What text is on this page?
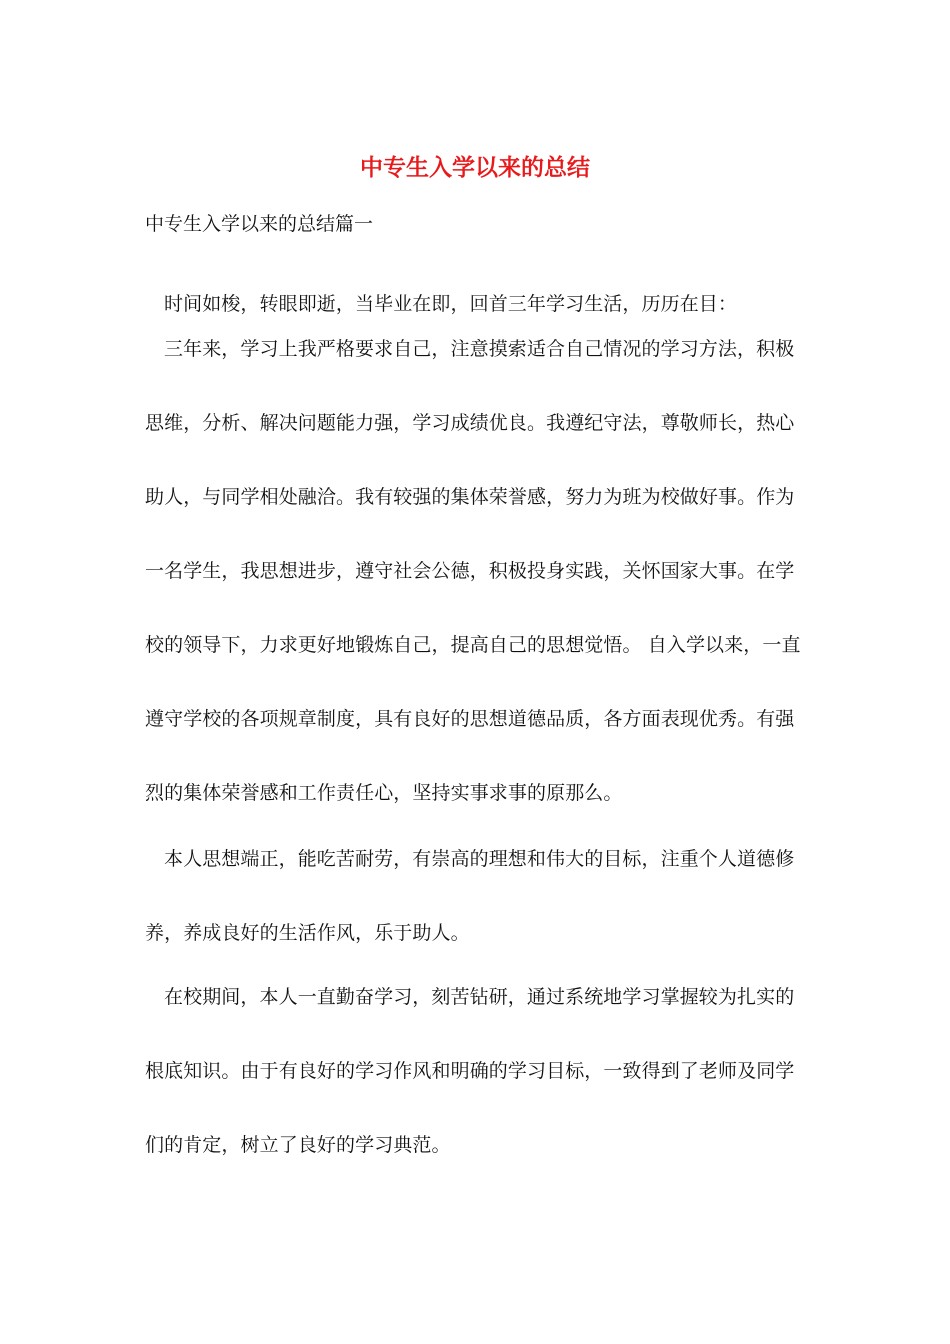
中专生入学以来的总结

中专生入学以来的总结篇一

时间如梭，转眼即逝，当毕业在即，回首三年学习生活，历历在目：

三年来，学习上我严格要求自己，注意摸索适合自己情况的学习方法，积极思维，分析、解决问题能力强，学习成绩优良。我遵纪守法，尊敬师长，热心助人，与同学相处融洽。我有较强的集体荣誉感，努力为班为校做好事。作为一名学生，我思想进步，遵守社会公德，积极投身实践，关怀国家大事。在学校的领导下，力求更好地锻炼自己，提高自己的思想觉悟。 自入学以来，一直遵守学校的各项规章制度，具有良好的思想道德品质，各方面表现优秀。有强烈的集体荣誉感和工作责任心，坚持实事求事的原那么。

本人思想端正，能吃苦耐劳，有崇高的理想和伟大的目标，注重个人道德修养，养成良好的生活作风，乐于助人。

在校期间，本人一直勤奋学习，刻苦钻研，通过系统地学习掌握较为扎实的根底知识。由于有良好的学习作风和明确的学习目标，一致得到了老师及同学们的肯定，树立了良好的学习典范。
